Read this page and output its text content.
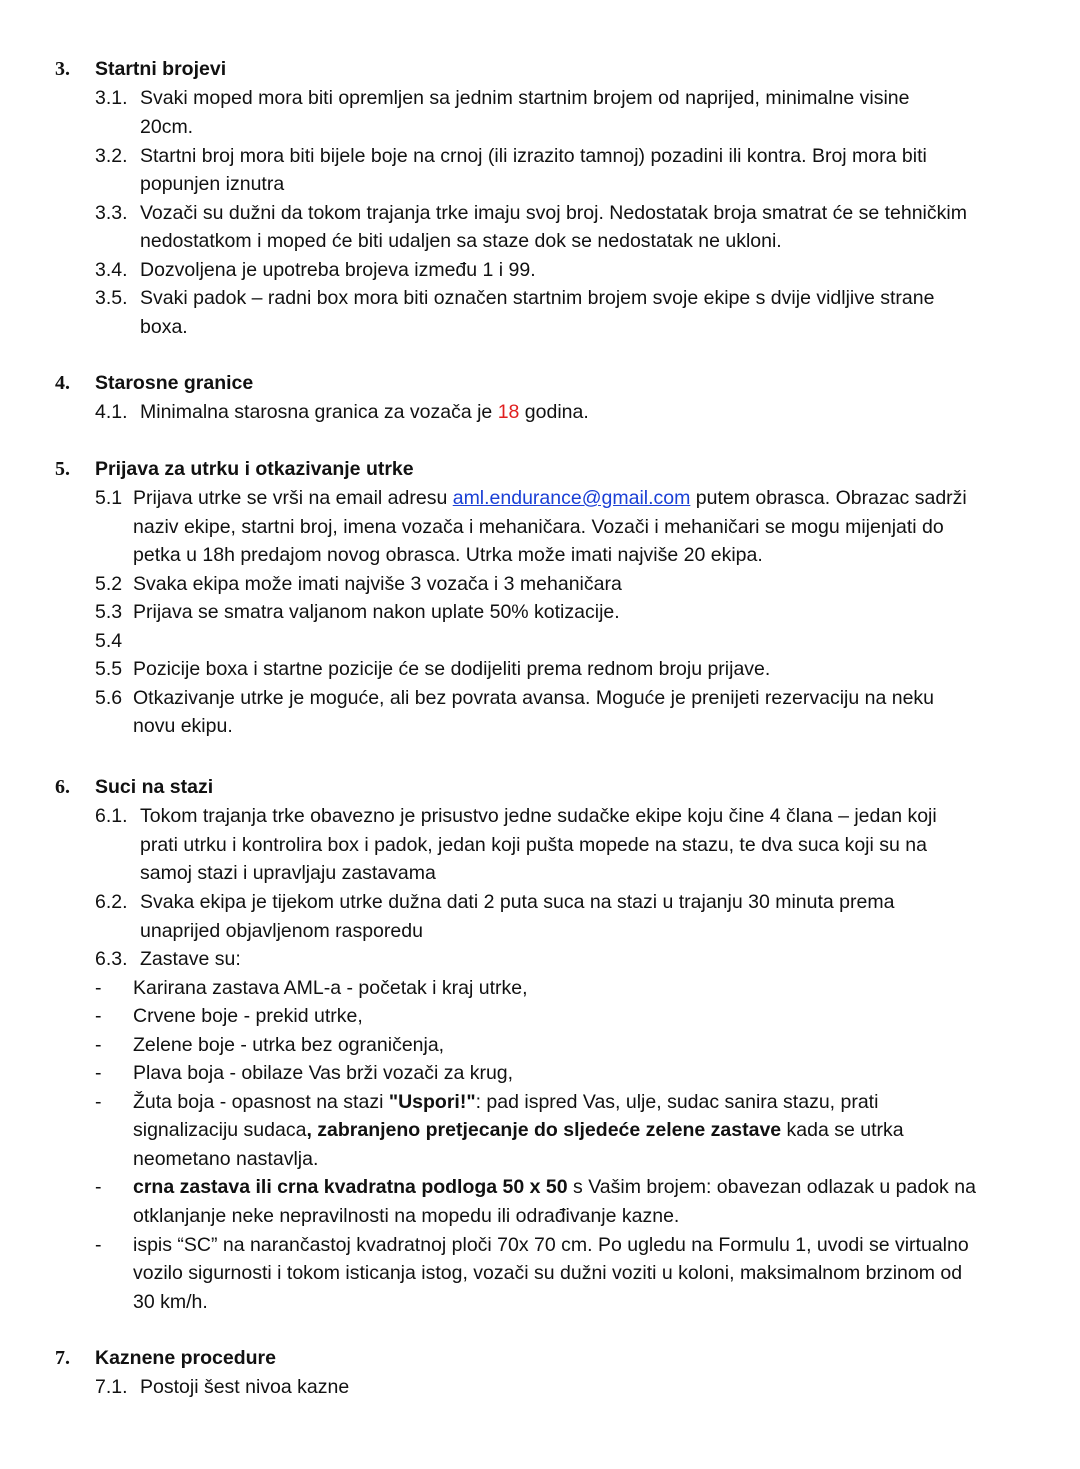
3. Startni brojevi
3.1. Svaki moped mora biti opremljen sa jednim startnim brojem od naprijed, minimalne visine
20cm.
3.2. Startni broj mora biti bijele boje na crnoj (ili izrazito tamnoj) pozadini ili kontra. Broj mora biti
popunjen iznutra
3.3. Vozači su dužni da tokom trajanja trke imaju svoj broj. Nedostatak broja smatrat će se tehničkim
nedostatkom i moped će biti udaljen sa staze dok se nedostatak ne ukloni.
3.4. Dozvoljena je upotreba brojeva između 1 i 99.
3.5. Svaki padok – radni box mora biti označen startnim brojem svoje ekipe s dvije vidljive strane
boxa.
4. Starosne granice
4.1. Minimalna starosna granica za vozača je 18 godina.
5. Prijava za utrku i otkazivanje utrke
5.1 Prijava utrke se vrši na email adresu aml.endurance@gmail.com putem obrasca. Obrazac sadrži
naziv ekipe, startni broj, imena vozača i mehaničara. Vozači i mehaničari se mogu mijenjati do
petka u 18h predajom novog obrasca. Utrka može imati najviše 20 ekipa.
5.2 Svaka ekipa može imati najviše 3 vozača i 3 mehaničara
5.3 Prijava se smatra valjanom nakon uplate 50% kotizacije.
5.4
5.5 Pozicije boxa i startne pozicije će se dodijeliti prema rednom broju prijave.
5.6 Otkazivanje utrke je moguće, ali bez povrata avansa. Moguće je prenijeti rezervaciju na neku
novu ekipu.
6. Suci na stazi
6.1. Tokom trajanja trke obavezno je prisustvo jedne sudačke ekipe koju čine 4 člana – jedan koji
prati utrku i kontrolira box i padok, jedan koji pušta mopede na stazu, te dva suca koji su na
samoj stazi i upravljaju zastavama
6.2. Svaka ekipa je tijekom utrke dužna dati 2 puta suca na stazi u trajanju 30 minuta prema
unaprijed objavljenom rasporedu
6.3. Zastave su:
- Karirana zastava AML-a - početak i kraj utrke,
- Crvene boje - prekid utrke,
- Zelene boje - utrka bez ograničenja,
- Plava boja - obilaze Vas brži vozači za krug,
- Žuta boja - opasnost na stazi "Uspori!": pad ispred Vas, ulje, sudac sanira stazu, prati
signalizaciju sudaca, zabranjeno pretjecanje do sljedeće zelene zastave kada se utrka
neometano nastavlja.
- crna zastava ili crna kvadratna podloga 50 x 50 s Vašim brojem: obavezan odlazak u padok na
otklanjanje neke nepravilnosti na mopedu ili odrađivanje kazne.
- ispis “SC” na narančastoj kvadratnoj ploči 70x 70 cm. Po ugledu na Formulu 1, uvodi se virtualno
vozilo sigurnosti i tokom isticanja istog, vozači su dužni voziti u koloni, maksimalnom brzinom od
30 km/h.
7. Kaznene procedure
7.1. Postoji šest nivoa kazne
